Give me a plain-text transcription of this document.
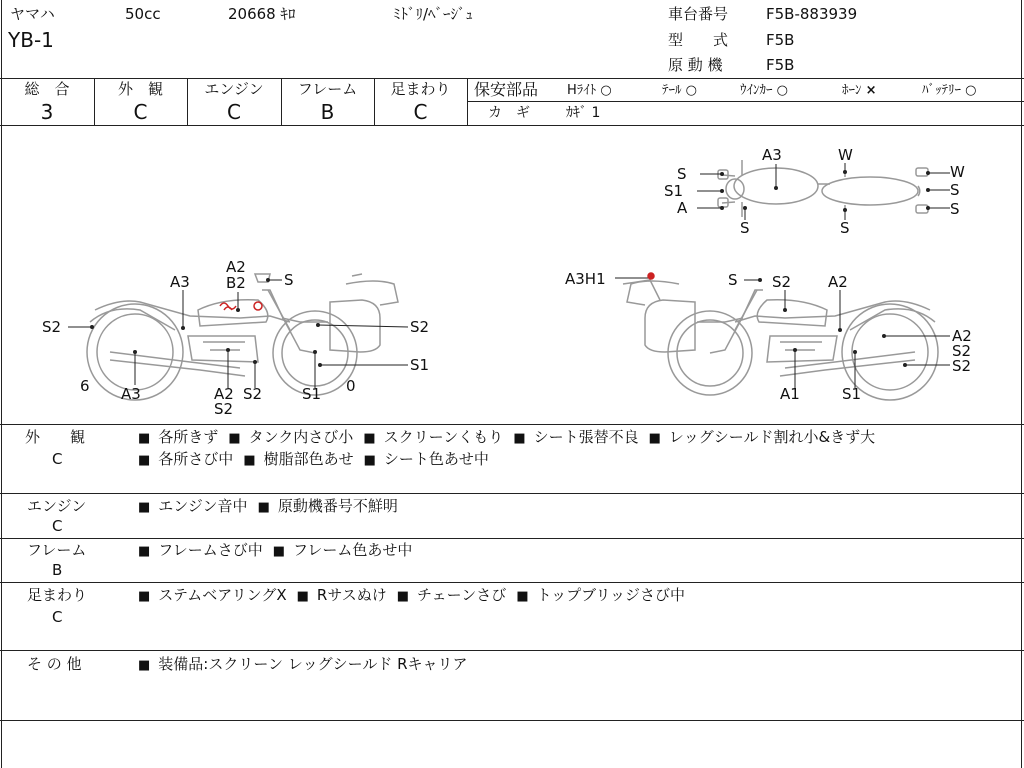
ヤマハ	50cc	20668 ｷﾛ	ﾐﾄﾞﾘ/ﾍﾞｰｼﾞｭ
YB-1
車台番号	F5B-883939
型　　式	F5B
原 動 機	F5B
総　合
3
外　観
C
エンジン
C
フレーム
B
足まわり
C
保安部品 Hﾗｲﾄ ○	ﾃｰﾙ ○	ｳｲﾝｶｰ ○	ﾎｰﾝ ×	ﾊﾞｯﾃﾘｰ ○
カ　ギ	ｶｷﾞ 1
S
S1
A
A3	W
W
S
S
S	S
A2
B2	S
A3
S2	S2
S1
6 A3	A2
S2
S2	S1 0
A3H1	S S2 A2
A2
S2
S2
A1	S1
外　　観
C
■ 各所きず ■ タンク内さび小 ■ スクリーンくもり ■ シート張替不良 ■ レッグシールド割れ小&きず大
■ 各所さび中 ■ 樹脂部色あせ ■ シート色あせ中
エンジン
C
■ エンジン音中 ■ 原動機番号不鮮明
フレーム
B
■ フレームさび中 ■ フレーム色あせ中
足まわり
C
■ ステムベアリングX ■ Rサスぬけ ■ チェーンさび ■ トップブリッジさび中
そ の 他	■ 装備品:スクリーン レッグシールド Rキャリア
